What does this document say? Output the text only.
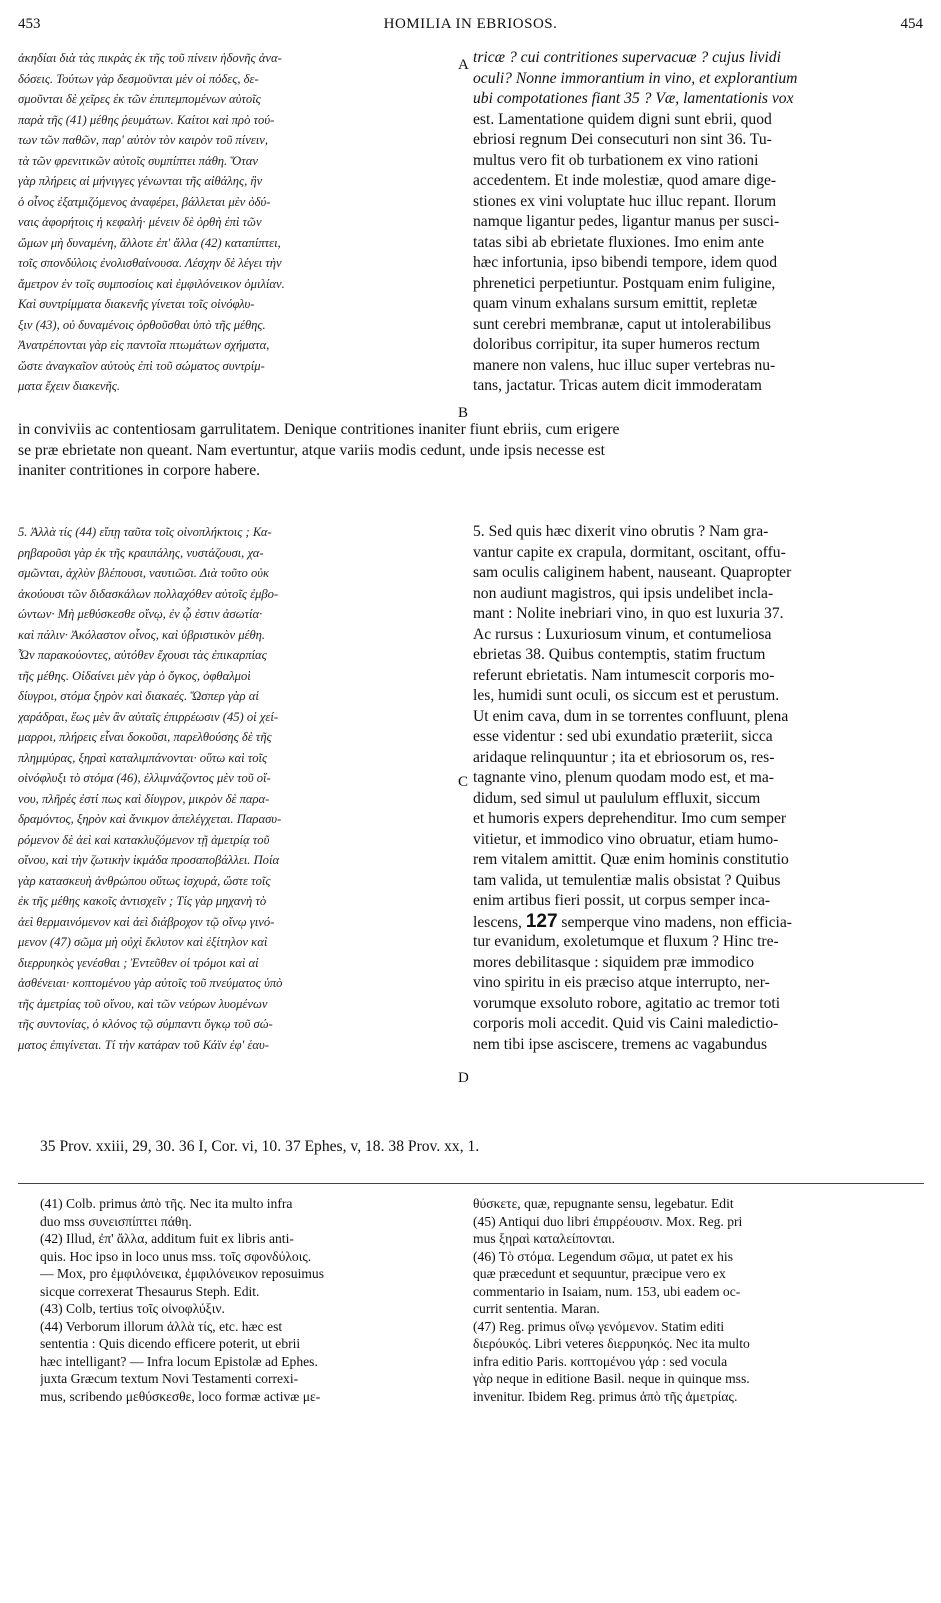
453	HOMILIA IN EBRIOSOS.	454
ἀκηδίαι διὰ τὰς πικρὰς ἐκ τῆς τοῦ πίνειν ἡδονῆς ἀνα-
δόσεις. Τούτων γὰρ δεσμοῦνται μὲν οἱ πόδες, δε-
σμοῦνται δὲ χεῖρες ἐκ τῶν ἐπιπεμπομένων αὐτοῖς
παρὰ τῆς (41) μέθης ῥευμάτων. Καίτοι καὶ πρὸ τού-
των τῶν παθῶν, παρ' αὐτὸν τὸν καιρὸν τοῦ πίνειν,
τὰ τῶν φρενιτικῶν αὐτοῖς συμπίπτει πάθη. Ὅταν
γὰρ πλήρεις αἱ μήνιγγες γένωνται τῆς αἰθάλης, ἣν
ὁ οἶνος ἐξατμιζόμενος ἀναφέρει, βάλλεται μὲν ὀδύ-
ναις ἀφορήτοις ἡ κεφαλή· μένειν δὲ ὀρθὴ ἐπὶ τῶν
ὤμων μὴ δυναμένη, ἄλλοτε ἐπ' ἄλλα (42) καταπίπτει,
τοῖς σπονδύλοις ἐνολισθαίνουσα. Λέσχην δὲ λέγει τὴν
ἄμετρον ἐν τοῖς συμποσίοις καὶ ἐμφιλόνεικον ὁμιλίαν.
Καὶ συντρίμματα διακενῆς γίνεται τοῖς οἰνόφλυ-
ξιν (43), οὐ δυναμένοις ὀρθοῦσθαι ὑπὸ τῆς μέθης.
Ἀνατρέπονται γὰρ εἰς παντοῖα πτωμάτων σχήματα,
ὥστε ἀναγκαῖον αὐτοὺς ἐπὶ τοῦ σώματος συντρίμ-
ματα ἔχειν διακενῆς.
tricæ ? cui contritiones supervacuæ ? cujus lividi
oculi? Nonne immorantium in vino, et explorantium
ubi compotationes fiant 35 ? Væ, lamentationis vox
est. Lamentatione quidem digni sunt ebrii, quod
ebriosi regnum Dei consecuturi non sint 36. Tu-
multus vero fit ob turbationem ex vino rationi
accedentem. Et inde molestiæ, quod amare dige-
stiones ex vini voluptate huc illuc repant. Ilorum
namque ligantur pedes, ligantur manus per susci-
tatas sibi ab ebrietate fluxiones. Imo enim ante
hæc infortunia, ipso bibendi tempore, idem quod
phrenetici perpetiuntur. Postquam enim fuligine,
quam vinum exhalans sursum emittit, repletæ
sunt cerebri membranæ, caput ut intolerabilibus
doloribus corripitur, ita super humeros rectum
manere non valens, huc illuc super vertebras nu-
tans, jactatur. Tricas autem dicit immoderatam
A
B
C
D
in conviviis ac contentiosam garrulitatem. Denique contritiones inaniter fiunt ebriis, cum erigere
se præ ebrietate non queant. Nam evertuntur, atque variis modis cedunt, unde ipsis necesse est
inaniter contritiones in corpore habere.
5. Ἀλλὰ τίς (44) εἴπῃ ταῦτα τοῖς οἰνοπλήκτοις ; Κα-
ρηβαροῦσι γὰρ ἐκ τῆς κραιπάλης, νυστάζουσι, χα-
σμῶνται, ἀχλὺν βλέπουσι, ναυτιῶσι. Διὰ τοῦτο οὐκ
ἀκούουσι τῶν διδασκάλων πολλαχόθεν αὐτοῖς ἐμβο-
ώντων· Μὴ μεθύσκεσθε οἴνῳ, ἐν ᾧ ἐστιν ἀσωτία·
καὶ πάλιν· Ἀκόλαστον οἶνος, καὶ ὑβριστικὸν μέθη.
Ὧν παρακούοντες, αὐτόθεν ἔχουσι τὰς ἐπικαρπίας
τῆς μέθης. Οἰδαίνει μὲν γὰρ ὁ ὄγκος, ὀφθαλμοὶ
δίυγροι, στόμα ξηρὸν καὶ διακαές. Ὥσπερ γὰρ αἱ
χαράδραι, ἕως μὲν ἂν αὐταῖς ἐπιρρέωσιν (45) οἱ χεί-
μαρροι, πλήρεις εἶναι δοκοῦσι, παρελθούσης δὲ τῆς
πλημμύρας, ξηραὶ καταλιμπάνονται· οὕτω καὶ τοῖς
οἰνόφλυξι τὸ στόμα (46), ἐλλιμνάζοντος μὲν τοῦ οἴ-
νου, πλῆρές ἐστί πως καὶ δίυγρον, μικρὸν δὲ παρα-
δραμόντος, ξηρὸν καὶ ἄνικμον ἀπελέγχεται. Παρασυ-
ρόμενον δὲ ἀεὶ καὶ κατακλυζόμενον τῇ ἀμετρίᾳ τοῦ
οἴνου, καὶ τὴν ζωτικὴν ἰκμάδα προσαποβάλλει. Ποία
γὰρ κατασκευὴ ἀνθρώπου οὕτως ἰσχυρά, ὥστε τοῖς
ἐκ τῆς μέθης κακοῖς ἀντισχεῖν ; Τίς γὰρ μηχανὴ τὸ
ἀεὶ θερμαινόμενον καὶ ἀεὶ διάβροχον τῷ οἴνῳ γινό-
μενον (47) σῶμα μὴ οὐχὶ ἔκλυτον καὶ ἐξίτηλον καὶ
διερρυηκὸς γενέσθαι ; Ἐντεῦθεν οἱ τρόμοι καὶ αἱ
ἀσθένειαι· κοπτομένου γὰρ αὐτοῖς τοῦ πνεύματος ὑπὸ
τῆς ἀμετρίας τοῦ οἴνου, καὶ τῶν νεύρων λυομένων
τῆς συντονίας, ὁ κλόνος τῷ σύμπαντι ὄγκῳ τοῦ σώ-
ματος ἐπιγίνεται. Τί τὴν κατάραν τοῦ Κάϊν ἐφ' ἑαυ-
5. Sed quis hæc dixerit vino obrutis ? Nam gra-
vantur capite ex crapula, dormitant, oscitant, offu-
sam oculis caliginem habent, nauseant. Quapropter
non audiunt magistros, qui ipsis undelibet incla-
mant : Nolite inebriari vino, in quo est luxuria 37.
Ac rursus : Luxuriosum vinum, et contumeliosa
ebrietas 38. Quibus contemptis, statim fructum
referunt ebrietatis. Nam intumescit corporis mo-
les, humidi sunt oculi, os siccum est et perustum.
Ut enim cava, dum in se torrentes confluunt, plena
esse videntur : sed ubi exundatio præteriit, sicca
aridaque relinquuntur ; ita et ebriosorum os, res-
tagnante vino, plenum quodam modo est, et ma-
didum, sed simul ut paululum effluxit, siccum
et humoris expers deprehenditur. Imo cum semper
vitietur, et immodico vino obruatur, etiam humo-
rem vitalem amittit. Quæ enim hominis constitutio
tam valida, ut temulentiæ malis obsistat ? Quibus
enim artibus fieri possit, ut corpus semper inca-
lescens, 127 semperque vino madens, non efficia-
tur evanidum, exoletumque et fluxum ? Hinc tre-
mores debilitasque : siquidem præ immodico
vino spiritu in eis præciso atque interrupto, ner-
vorumque exsoluto robore, agitatio ac tremor toti
corporis moli accedit. Quid vis Caini maledictio-
nem tibi ipse asciscere, tremens ac vagabundus
35 Prov. xxiii, 29, 30. 36 I, Cor. vi, 10. 37 Ephes, v, 18. 38 Prov. xx, 1.
(41) Colb. primus ἀπὸ τῆς. Nec ita multo infra
duo mss συνεισπίπτει πάθη.
(42) Illud, ἐπ' ἄλλα, additum fuit ex libris anti-
quis. Hoc ipso in loco unus mss. τοῖς σφονδύλοις.
— Mox, pro ἐμφιλόνεικα, ἐμφιλόνεικον reposuimus
sicque correxerat Thesaurus Steph. Edit.
(43) Colb, tertius τοῖς οἰνοφλύξιν.
(44) Verborum illorum ἀλλὰ τίς, etc. hæc est
sententia : Quis dicendo efficere poterit, ut ebrii
hæc intelligant? — Infra locum Epistolæ ad Ephes.
juxta Græcum textum Novi Testamenti correxi-
mus, scribendo μεθύσκεσθε, loco formæ activæ με-
θύσκετε, quæ, repugnante sensu, legebatur. Edit
(45) Antiqui duo libri ἐπιρρέουσιν. Mox. Reg. pri
mus ξηραὶ καταλείπονται.
(46) Τὸ στόμα. Legendum σῶμα, ut patet ex his
quæ præcedunt et sequuntur, præcipue vero ex
commentario in Isaiam, num. 153, ubi eadem oc-
currit sententia. Maran.
(47) Reg. primus οἴνῳ γενόμενον. Statim editi
διερόυκός. Libri veteres διερρυηκός. Nec ita multo
infra editio Paris. κοπτομένου γάρ : sed vocula
γὰρ neque in editione Basil. neque in quinque mss.
invenitur. Ibidem Reg. primus ἀπὸ τῆς ἀμετρίας.
